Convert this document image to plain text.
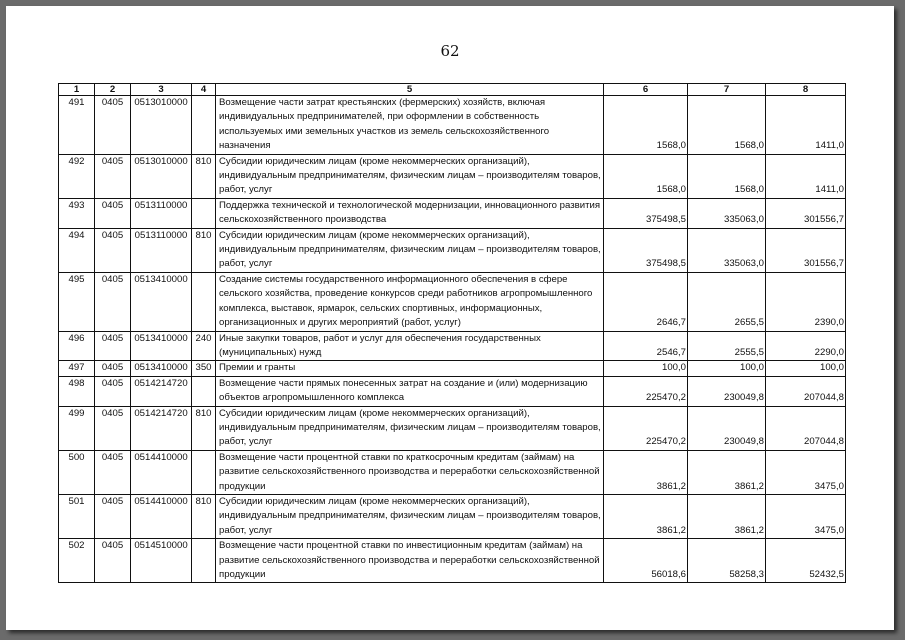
62
1	2	3	4	5	6	7	8
491	0405	0513010000		Возмещение части затрат крестьянских (фермерских) хозяйств, включая индивидуальных предпринимателей, при оформлении в собственность используемых ими земельных участков из земель сельскохозяйственного назначения	1568,0	1568,0	1411,0
492	0405	0513010000	810	Субсидии юридическим лицам (кроме некоммерческих организаций), индивидуальным предпринимателям, физическим лицам – производителям товаров, работ, услуг	1568,0	1568,0	1411,0
493	0405	0513110000		Поддержка технической и технологической модернизации, инновационного развития сельскохозяйственного производства	375498,5	335063,0	301556,7
494	0405	0513110000	810	Субсидии юридическим лицам (кроме некоммерческих организаций), индивидуальным предпринимателям, физическим лицам – производителям товаров, работ, услуг	375498,5	335063,0	301556,7
495	0405	0513410000		Создание системы государственного информационного обеспечения в сфере сельского хозяйства, проведение конкурсов среди работников агропромышленного комплекса, выставок, ярмарок, сельских спортивных, информационных, организационных и других мероприятий (работ, услуг)	2646,7	2655,5	2390,0
496	0405	0513410000	240	Иные закупки товаров, работ и услуг для обеспечения государственных (муниципальных) нужд	2546,7	2555,5	2290,0
497	0405	0513410000	350	Премии и гранты	100,0	100,0	100,0
498	0405	0514214720		Возмещение части прямых понесенных затрат на создание и (или) модернизацию объектов агропромышленного комплекса	225470,2	230049,8	207044,8
499	0405	0514214720	810	Субсидии юридическим лицам (кроме некоммерческих организаций), индивидуальным предпринимателям, физическим лицам – производителям товаров, работ, услуг	225470,2	230049,8	207044,8
500	0405	0514410000		Возмещение части процентной ставки по краткосрочным кредитам (займам) на развитие сельскохозяйственного производства и переработки сельскохозяйственной продукции	3861,2	3861,2	3475,0
501	0405	0514410000	810	Субсидии юридическим лицам (кроме некоммерческих организаций), индивидуальным предпринимателям, физическим лицам – производителям товаров, работ, услуг	3861,2	3861,2	3475,0
502	0405	0514510000		Возмещение части процентной ставки по инвестиционным кредитам (займам) на развитие сельскохозяйственного производства и переработки сельскохозяйственной продукции	56018,6	58258,3	52432,5
